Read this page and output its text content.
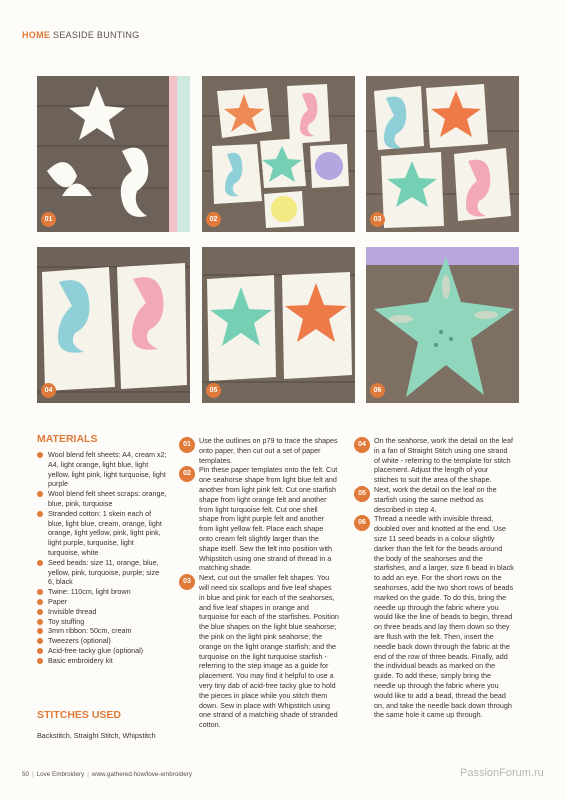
HOME SEASIDE BUNTING
01	02	03
04	05	06
MATERIALS
Wool blend felt sheets: A4, cream x2; A4, light orange, light blue, light yellow, light pink, light turquoise, light purple
Wool blend felt sheet scraps: orange, blue, pink, turquoise
Stranded cotton: 1 skein each of blue, light blue, cream, orange, light orange, light yellow, pink, light pink, light purple, turquoise, light turquoise, white
Seed beads: size 11, orange, blue, yellow, pink, turquoise, purple; size 6, black
Twine: 110cm, light brown
Paper
Invisible thread
Toy stuffing
3mm ribbon: 50cm, cream
Tweezers (optional)
Acid-free tacky glue (optional)
Basic embroidery kit
STITCHES USED
Backstitch, Straight Stitch, Whipstitch

01	Use the outlines on p79 to trace the shapes onto paper, then cut out a set of paper templates.

02	Pin these paper templates onto the felt. Cut one seahorse shape from light blue felt and another from light pink felt. Cut one starfish shape from light orange felt and another from light turquoise felt. Cut one shell shape from light purple felt and another from light yellow felt. Place each shape onto cream felt slightly larger than the shape itself. Sew the felt into position with Whipstitch using one strand of thread in a matching shade.

03	Next, cut out the smaller felt shapes. You will need six scallops and five leaf shapes in blue and pink for each of the seahorses, and five leaf shapes in orange and turquoise for each of the starfishes. Position the blue shapes on the light blue seahorse; the pink on the light pink seahorse; the orange on the light orange starfish; and the turquoise on the light turquoise starfish - referring to the step image as a guide for placement. You may find it helpful to use a very tiny dab of acid-free tacky glue to hold the pieces in place while you stitch them down. Sew in place with Whipstitch using one strand of a matching shade of stranded cotton.

04	On the seahorse, work the detail on the leaf in a fan of Straight Stitch using one strand of white - referring to the template for stitch placement. Adjust the length of your stitches to suit the area of the shape.

05	Next, work the detail on the leaf on the starfish using the same method as described in step 4.

06	Thread a needle with invisible thread, doubled over and knotted at the end. Use size 11 seed beads in a colour slightly darker than the felt for the beads around the body of the seahorses and the starfishes, and a larger, size 6 bead in black to add an eye. For the short rows on the seahorses, add the two short rows of beads marked on the guide. To do this, bring the needle up through the fabric where you would like the line of beads to begin, thread on three beads and lay them down so they are flush with the felt. Then, insert the needle back down through the fabric at the end of the row of three beads. Finally, add the individual beads as marked on the guide. To add these, simply bring the needle up through the fabric where you would like to add a bead, thread the bead on, and take the needle back down through the same hole it came up through.

50 | Love Embroidery | www.gathered.how/love-embroidery	PassionForum.ru
